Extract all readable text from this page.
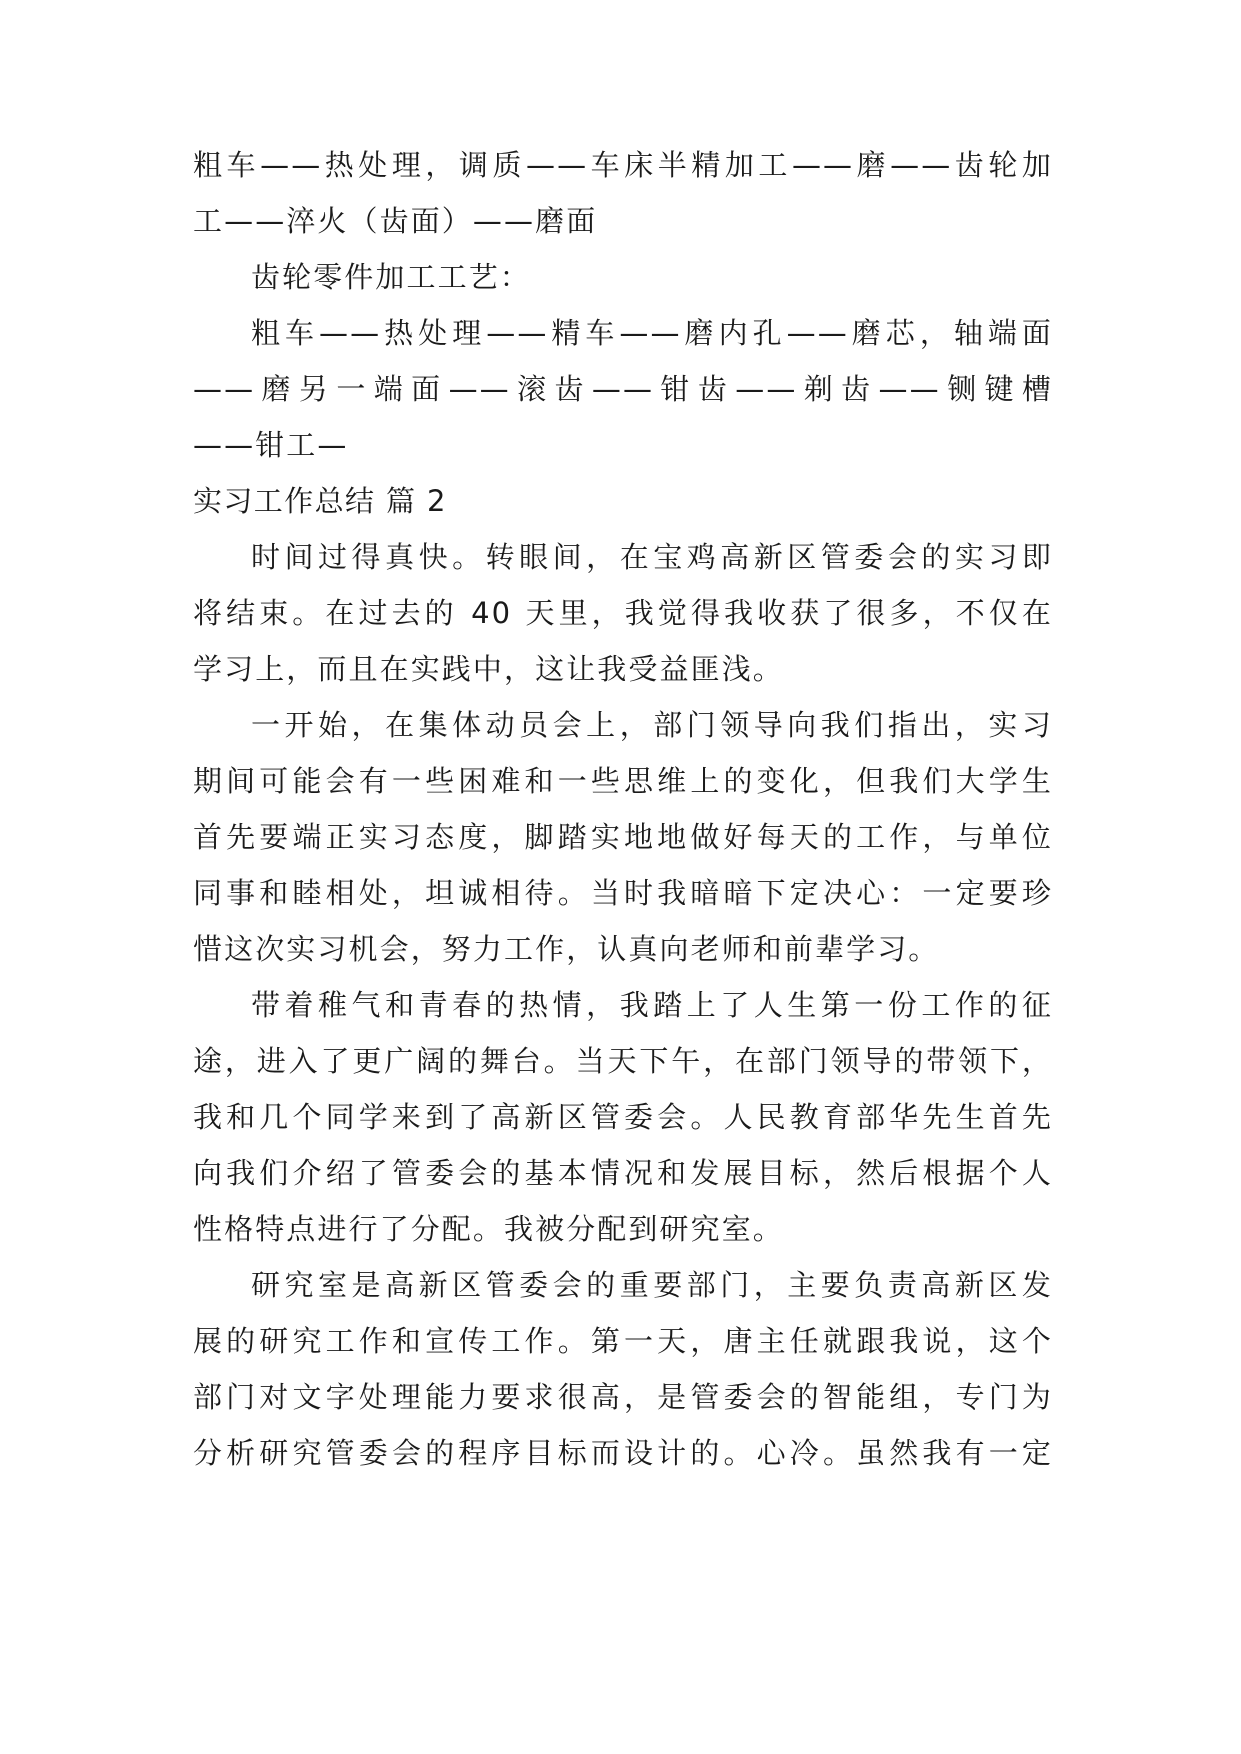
粗车——热处理，调质——车床半精加工——磨——齿轮加
工——淬火（齿面）——磨面
齿轮零件加工工艺：
粗车——热处理——精车——磨内孔——磨芯，轴端面
——磨另一端面——滚齿——钳齿——剃齿——铡键槽
——钳工—
实习工作总结 篇 2
时间过得真快。转眼间，在宝鸡高新区管委会的实习即
将结束。在过去的 40 天里，我觉得我收获了很多，不仅在
学习上，而且在实践中，这让我受益匪浅。
一开始，在集体动员会上，部门领导向我们指出，实习
期间可能会有一些困难和一些思维上的变化，但我们大学生
首先要端正实习态度，脚踏实地地做好每天的工作，与单位
同事和睦相处，坦诚相待。当时我暗暗下定决心：一定要珍
惜这次实习机会，努力工作，认真向老师和前辈学习。
带着稚气和青春的热情，我踏上了人生第一份工作的征
途，进入了更广阔的舞台。当天下午，在部门领导的带领下，
我和几个同学来到了高新区管委会。人民教育部华先生首先
向我们介绍了管委会的基本情况和发展目标，然后根据个人
性格特点进行了分配。我被分配到研究室。
研究室是高新区管委会的重要部门，主要负责高新区发
展的研究工作和宣传工作。第一天，唐主任就跟我说，这个
部门对文字处理能力要求很高，是管委会的智能组，专门为
分析研究管委会的程序目标而设计的。心冷。虽然我有一定
